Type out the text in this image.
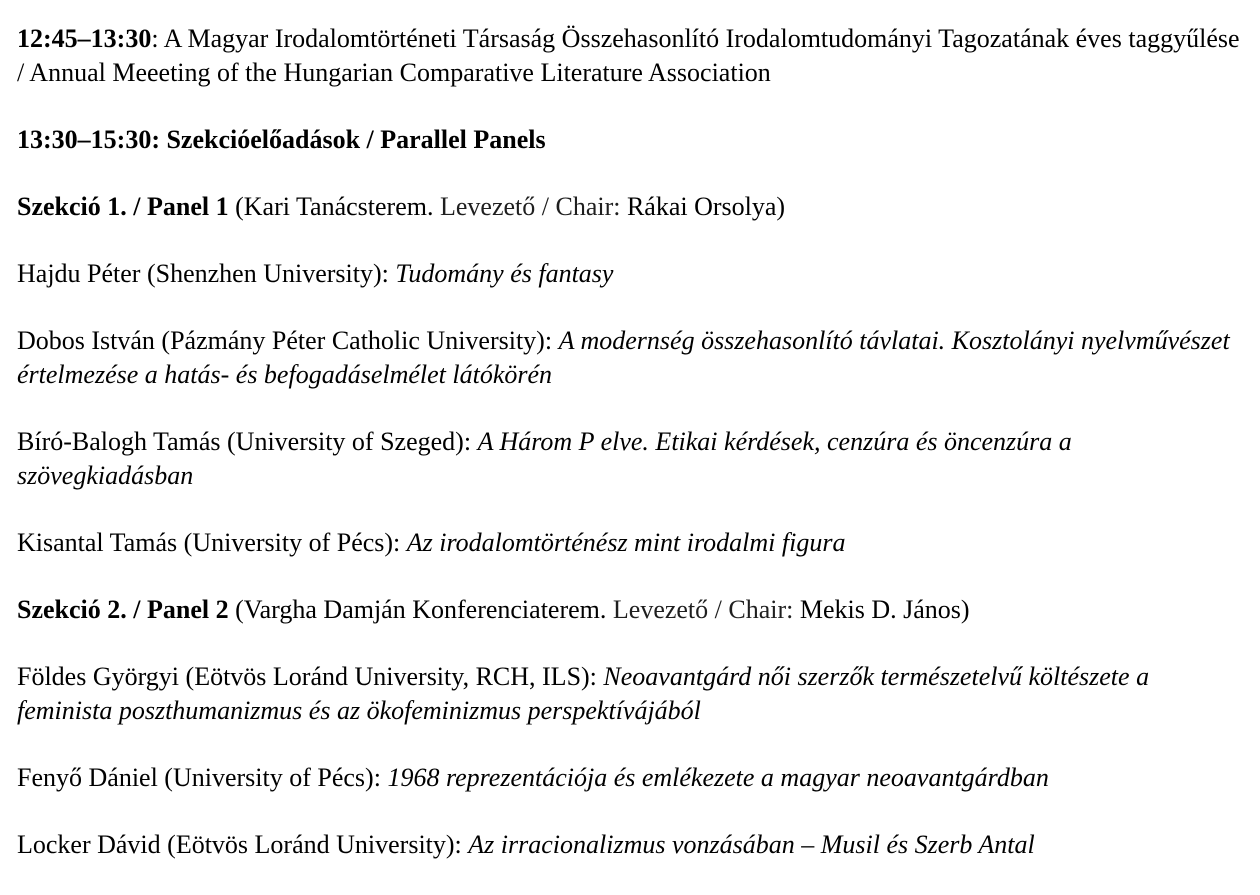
12:45–13:30: A Magyar Irodalomtörténeti Társaság Összehasonlító Irodalomtudományi Tagozatának éves taggyűlése / Annual Meeeting of the Hungarian Comparative Literature Association

13:30–15:30: Szekcióelőadások / Parallel Panels

Szekció 1. / Panel 1 (Kari Tanácsterem. Levezető / Chair: Rákai Orsolya)

Hajdu Péter (Shenzhen University): Tudomány és fantasy

Dobos István (Pázmány Péter Catholic University): A modernség összehasonlító távlatai. Kosztolányi nyelvművészet értelmezése a hatás- és befogadáselmélet látókörén

Bíró-Balogh Tamás (University of Szeged): A Három P elve. Etikai kérdések, cenzúra és öncenzúra a szövegkiadásban

Kisantal Tamás (University of Pécs): Az irodalomtörténész mint irodalmi figura

Szekció 2. / Panel 2 (Vargha Damján Konferenciaterem. Levezető / Chair: Mekis D. János)

Földes Györgyi (Eötvös Loránd University, RCH, ILS): Neoavantgárd női szerzők természetelvű költészete a feminista poszthumanizmus és az ökofeminizmus perspektívájából

Fenyő Dániel (University of Pécs): 1968 reprezentációja és emlékezete a magyar neoavantgárdban

Locker Dávid (Eötvös Loránd University): Az irracionalizmus vonzásában – Musil és Szerb Antal
